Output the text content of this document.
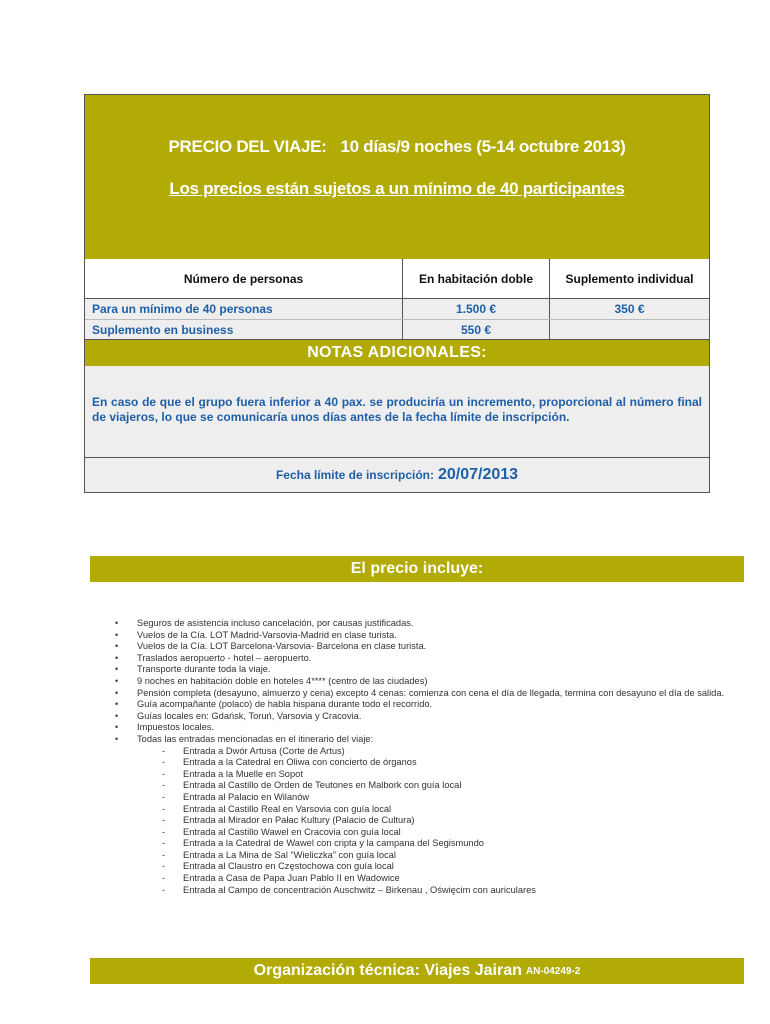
PRECIO DEL VIAJE: 10 días/9 noches (5-14 octubre 2013)
Los precios están sujetos a un mínimo de 40 participantes
Número de personas	En habitación doble	Suplemento individual
Para un mínimo de 40 personas	1.500 €	350 €
Suplemento en business	550 €
NOTAS ADICIONALES:
En caso de que el grupo fuera inferior a 40 pax. se produciría un incremento, proporcional al número final de viajeros, lo que se comunicaría unos días antes de la fecha límite de inscripción.
Fecha límite de inscripción: 20/07/2013
El precio incluye:
• Seguros de asistencia incluso cancelación, por causas justificadas.
• Vuelos de la Cía. LOT Madrid-Varsovia-Madrid en clase turista.
• Vuelos de la Cía. LOT Barcelona-Varsovia- Barcelona en clase turista.
• Traslados aeropuerto - hotel – aeropuerto.
• Transporte durante toda la viaje.
• 9 noches en habitación doble en hoteles 4**** (centro de las ciudades)
• Pensión completa (desayuno, almuerzo y cena) excepto 4 cenas: comienza con cena el día de llegada, termina con desayuno el día de salida.
• Guía acompañante (polaco) de habla hispana durante todo el recorrido.
• Guías locales en: Gdańsk, Toruń, Varsovia y Cracovia.
• Impuestos locales.
• Todas las entradas mencionadas en el itinerario del viaje:
- Entrada a Dwór Artusa (Corte de Artus)
- Entrada a la Catedral en Oliwa con concierto de órganos
- Entrada a la Muelle en Sopot
- Entrada al Castillo de Orden de Teutones en Malbork con guía local
- Entrada al Palacio en Wilanów
- Entrada al Castillo Real en Varsovia con guía local
- Entrada al Mirador en Pałac Kultury (Palacio de Cultura)
- Entrada al Castillo Wawel en Cracovia con guía local
- Entrada a la Catedral de Wawel con cripta y la campana del Segismundo
- Entrada a La Mina de Sal “Wieliczka” con guía local
- Entrada al Claustro en Częstochowa con guía local
- Entrada a Casa de Papa Juan Pablo II en Wadowice
- Entrada al Campo de concentración Auschwitz – Birkenau , Oświęcim con auriculares
Organización técnica: Viajes Jairan AN-04249-2
